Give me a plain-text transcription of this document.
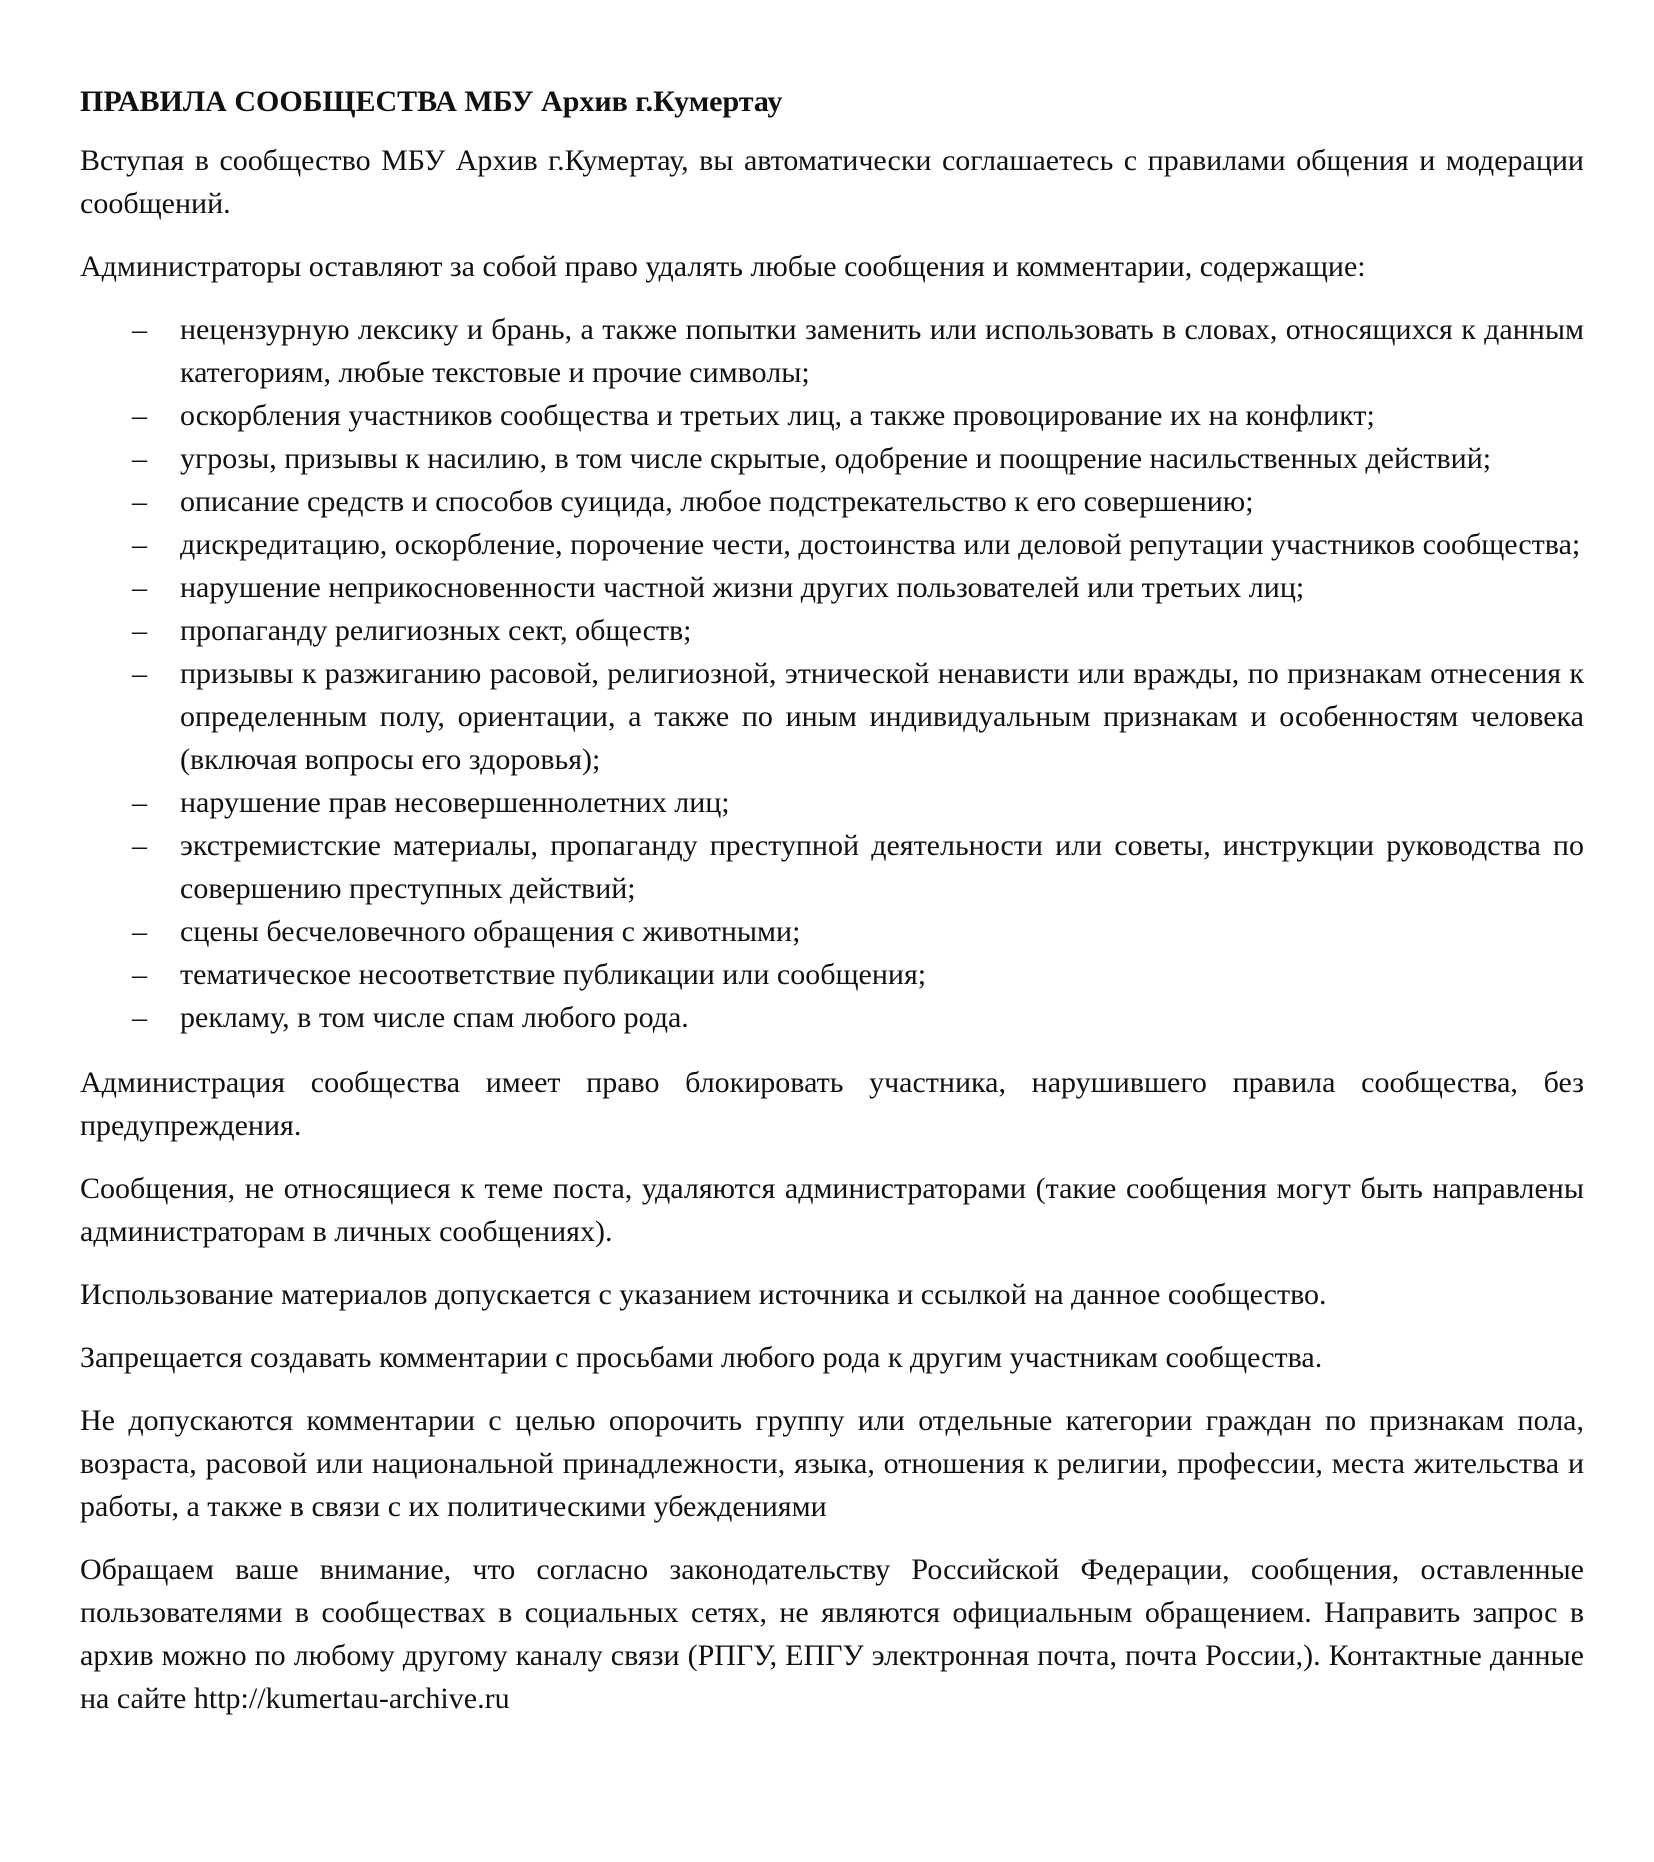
ПРАВИЛА СООБЩЕСТВА МБУ Архив г.Кумертау
Вступая в сообщество МБУ Архив г.Кумертау, вы автоматически соглашаетесь с правилами общения и модерации сообщений.
Администраторы оставляют за собой право удалять любые сообщения и комментарии, содержащие:
– нецензурную лексику и брань, а также попытки заменить или использовать в словах, относящихся к данным категориям, любые текстовые и прочие символы;
– оскорбления участников сообщества и третьих лиц, а также провоцирование их на конфликт;
– угрозы, призывы к насилию, в том числе скрытые, одобрение и поощрение насильственных действий;
– описание средств и способов суицида, любое подстрекательство к его совершению;
– дискредитацию, оскорбление, порочение чести, достоинства или деловой репутации участников сообщества;
– нарушение неприкосновенности частной жизни других пользователей или третьих лиц;
– пропаганду религиозных сект, обществ;
– призывы к разжиганию расовой, религиозной, этнической ненависти или вражды, по признакам отнесения к определенным полу, ориентации, а также по иным индивидуальным признакам и особенностям человека (включая вопросы его здоровья);
– нарушение прав несовершеннолетних лиц;
– экстремистские материалы, пропаганду преступной деятельности или советы, инструкции руководства по совершению преступных действий;
– сцены бесчеловечного обращения с животными;
– тематическое несоответствие публикации или сообщения;
– рекламу, в том числе спам любого рода.
Администрация сообщества имеет право блокировать участника, нарушившего правила сообщества, без предупреждения.
Сообщения, не относящиеся к теме поста, удаляются администраторами (такие сообщения могут быть направлены администраторам в личных сообщениях).
Использование материалов допускается с указанием источника и ссылкой на данное сообщество.
Запрещается создавать комментарии с просьбами любого рода к другим участникам сообщества.
Не допускаются комментарии с целью опорочить группу или отдельные категории граждан по признакам пола, возраста, расовой или национальной принадлежности, языка, отношения к религии, профессии, места жительства и работы, а также в связи с их политическими убеждениями
Обращаем ваше внимание, что согласно законодательству Российской Федерации, сообщения, оставленные пользователями в сообществах в социальных сетях, не являются официальным обращением. Направить запрос в архив можно по любому другому каналу связи (РПГУ, ЕПГУ электронная почта, почта России,). Контактные данные на сайте http://kumertau-archive.ru
